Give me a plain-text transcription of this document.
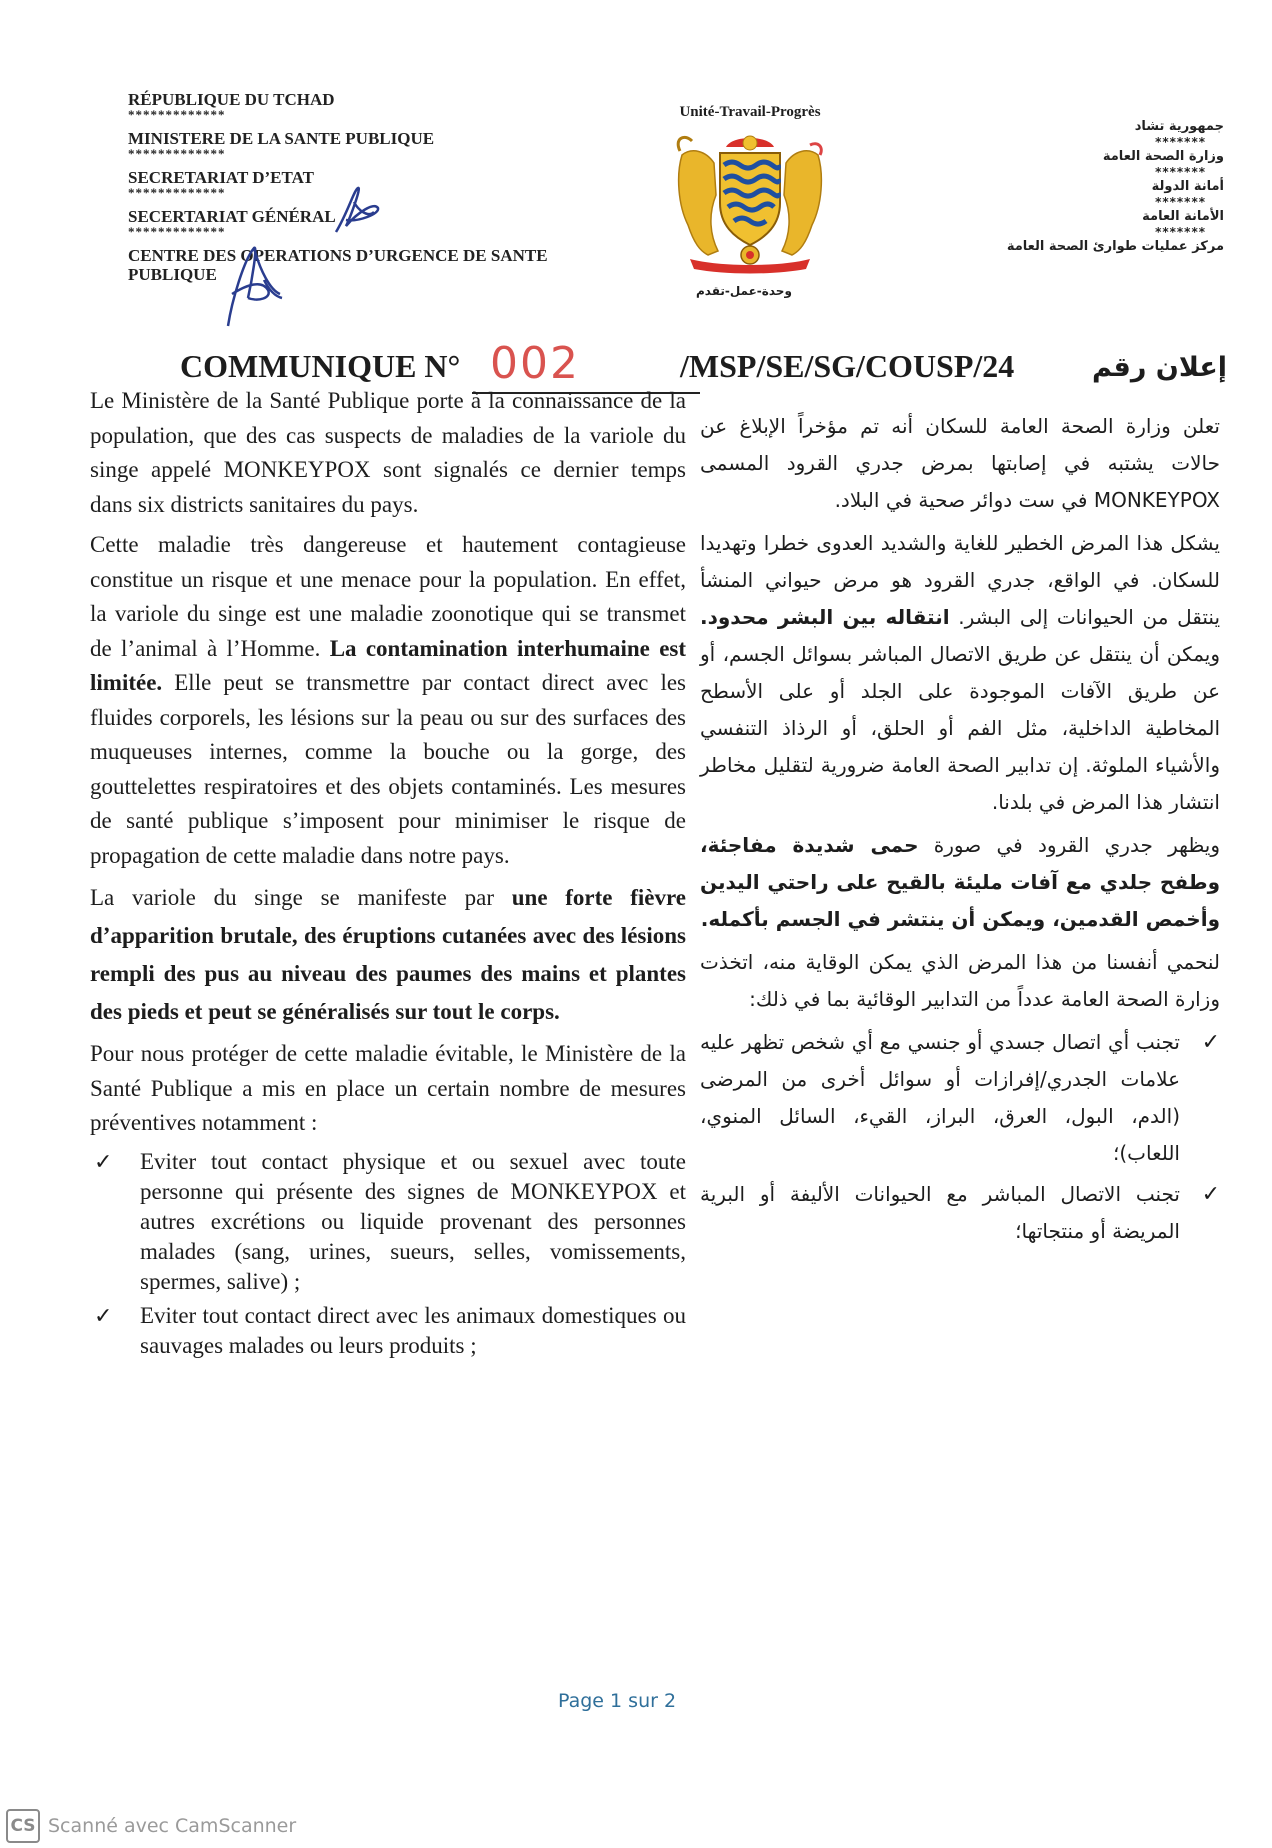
RÉPUBLIQUE DU TCHAD
*************
MINISTERE DE LA SANTE PUBLIQUE
*************
SECRETARIAT D’ETAT
*************
SECERTARIAT GÉNÉRAL
*************
CENTRE DES OPERATIONS D’URGENCE DE SANTE PUBLIQUE
Unité-Travail-Progrès
وحدة-عمل-تقدم
جمهورية تشاد
*******
وزارة الصحة العامة
*******
أمانة الدولة
*******
الأمانة العامة
*******
مركز عمليات طوارئ الصحة العامة
COMMUNIQUE N° 002	/MSP/SE/SG/COUSP/24	إعلان رقم

Le Ministère de la Santé Publique porte à la connaissance de la population, que des cas suspects de maladies de la variole du singe appelé MONKEYPOX sont signalés ce dernier temps dans six districts sanitaires du pays.

Cette maladie très dangereuse et hautement contagieuse constitue un risque et une menace pour la population. En effet, la variole du singe est une maladie zoonotique qui se transmet de l’animal à l’Homme. La contamination interhumaine est limitée. Elle peut se transmettre par contact direct avec les fluides corporels, les lésions sur la peau ou sur des surfaces des muqueuses internes, comme la bouche ou la gorge, des gouttelettes respiratoires et des objets contaminés. Les mesures de santé publique s’imposent pour minimiser le risque de propagation de cette maladie dans notre pays.

La variole du singe se manifeste par une forte fièvre d’apparition brutale, des éruptions cutanées avec des lésions rempli des pus au niveau des paumes des mains et plantes des pieds et peut se généralisés sur tout le corps.

Pour nous protéger de cette maladie évitable, le Ministère de la Santé Publique a mis en place un certain nombre de mesures préventives notamment :

✓ Eviter tout contact physique et ou sexuel avec toute personne qui présente des signes de MONKEYPOX et autres excrétions ou liquide provenant des personnes malades (sang, urines, sueurs, selles, vomissements, spermes, salive) ;
✓ Eviter tout contact direct avec les animaux domestiques ou sauvages malades ou leurs produits ;

تعلن وزارة الصحة العامة للسكان أنه تم مؤخراً الإبلاغ عن حالات يشتبه في إصابتها بمرض جدري القرود المسمى MONKEYPOX في ست دوائر صحية في البلاد.

يشكل هذا المرض الخطير للغاية والشديد العدوى خطرا وتهديدا للسكان. في الواقع، جدري القرود هو مرض حيواني المنشأ ينتقل من الحيوانات إلى البشر. انتقاله بين البشر محدود. ويمكن أن ينتقل عن طريق الاتصال المباشر بسوائل الجسم، أو عن طريق الآفات الموجودة على الجلد أو على الأسطح المخاطية الداخلية، مثل الفم أو الحلق، أو الرذاذ التنفسي والأشياء الملوثة. إن تدابير الصحة العامة ضرورية لتقليل مخاطر انتشار هذا المرض في بلدنا.

ويظهر جدري القرود في صورة حمى شديدة مفاجئة، وطفح جلدي مع آفات مليئة بالقيح على راحتي اليدين وأخمص القدمين، ويمكن أن ينتشر في الجسم بأكمله.

لنحمي أنفسنا من هذا المرض الذي يمكن الوقاية منه، اتخذت وزارة الصحة العامة عدداً من التدابير الوقائية بما في ذلك:

✓
تجنب أي اتصال جسدي أو جنسي مع أي شخص تظهر عليه علامات الجدري/إفرازات أو سوائل أخرى من المرضى (الدم، البول، العرق، البراز، القيء، السائل المنوي، اللعاب)؛
✓
تجنب الاتصال المباشر مع الحيوانات الأليفة أو البرية المريضة أو منتجاتها؛
Page 1 sur 2
CS Scanné avec CamScanner
